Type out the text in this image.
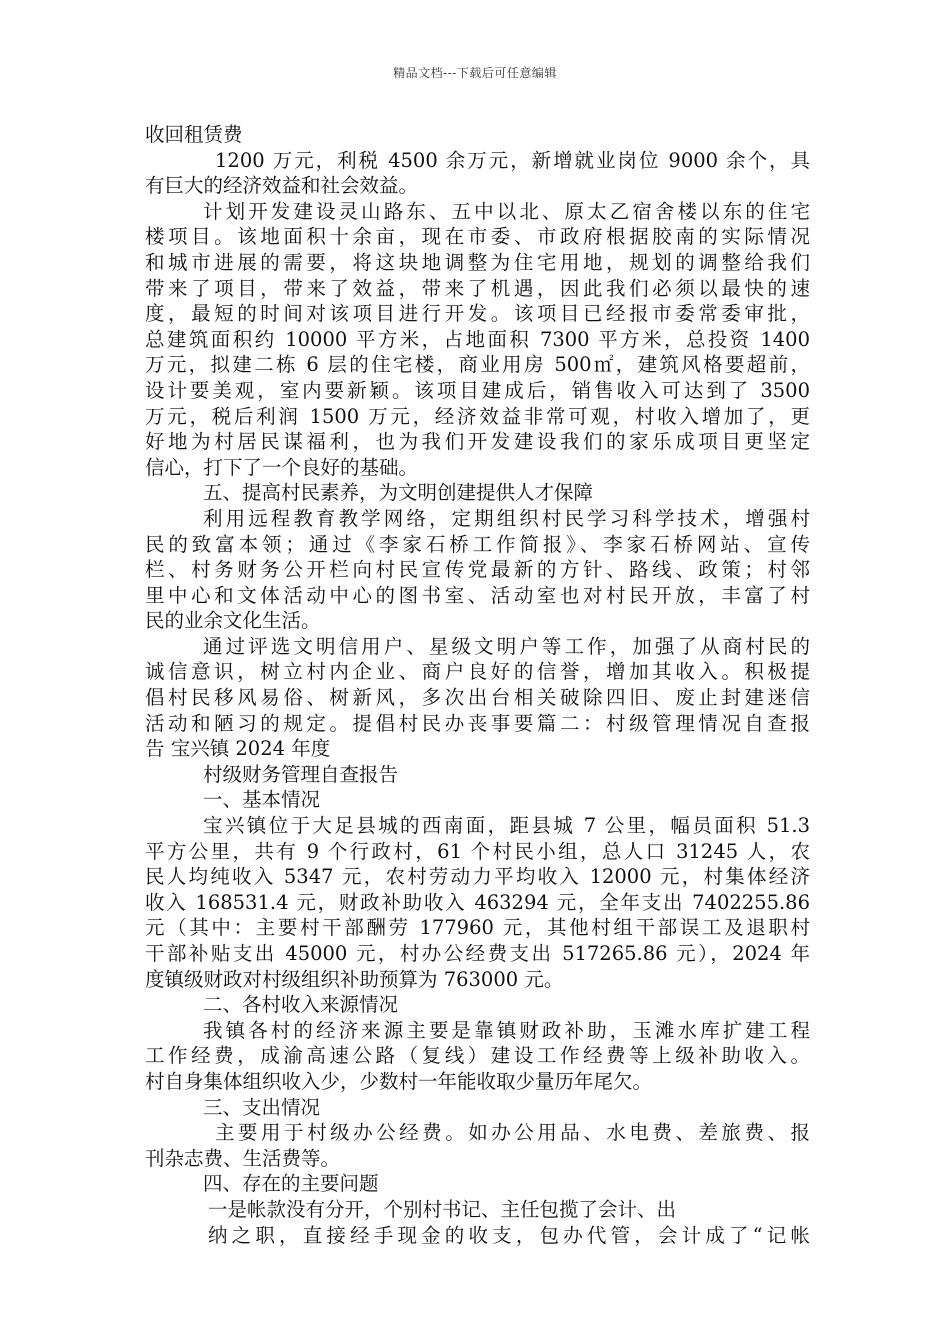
精品文档---下载后可任意编辑
收回租赁费
1200 万元，利税 4500 余万元，新增就业岗位 9000 余个，具
有巨大的经济效益和社会效益。
计划开发建设灵山路东、五中以北、原太乙宿舍楼以东的住宅
楼项目。该地面积十余亩，现在市委、市政府根据胶南的实际情况
和城市进展的需要，将这块地调整为住宅用地，规划的调整给我们
带来了项目，带来了效益，带来了机遇，因此我们必须以最快的速
度，最短的时间对该项目进行开发。该项目已经报市委常委审批，
总建筑面积约 10000 平方米，占地面积 7300 平方米，总投资 1400
万元，拟建二栋 6 层的住宅楼，商业用房 500㎡，建筑风格要超前，
设计要美观，室内要新颖。该项目建成后，销售收入可达到了 3500
万元，税后利润 1500 万元，经济效益非常可观，村收入增加了，更
好地为村居民谋福利，也为我们开发建设我们的家乐成项目更坚定
信心，打下了一个良好的基础。
五、提高村民素养，为文明创建提供人才保障
利用远程教育教学网络，定期组织村民学习科学技术，增强村
民的致富本领；通过《李家石桥工作简报》、李家石桥网站、宣传
栏、村务财务公开栏向村民宣传党最新的方针、路线、政策；村邻
里中心和文体活动中心的图书室、活动室也对村民开放，丰富了村
民的业余文化生活。
通过评选文明信用户、星级文明户等工作，加强了从商村民的
诚信意识，树立村内企业、商户良好的信誉，增加其收入。积极提
倡村民移风易俗、树新风，多次出台相关破除四旧、废止封建迷信
活动和陋习的规定。提倡村民办丧事要篇二：村级管理情况自查报
告 宝兴镇 2024 年度
村级财务管理自查报告
一、基本情况
宝兴镇位于大足县城的西南面，距县城 7 公里，幅员面积 51.3
平方公里，共有 9 个行政村，61 个村民小组，总人口 31245 人，农
民人均纯收入 5347 元，农村劳动力平均收入 12000 元，村集体经济
收入 168531.4 元，财政补助收入 463294 元，全年支出 7402255.86
元（其中：主要村干部酬劳 177960 元，其他村组干部误工及退职村
干部补贴支出 45000 元，村办公经费支出 517265.86 元），2024 年
度镇级财政对村级组织补助预算为 763000 元。
二、各村收入来源情况
我镇各村的经济来源主要是靠镇财政补助，玉滩水库扩建工程
工作经费，成渝高速公路（复线）建设工作经费等上级补助收入。
村自身集体组织收入少，少数村一年能收取少量历年尾欠。
三、支出情况
主要用于村级办公经费。如办公用品、水电费、差旅费、报
刊杂志费、生活费等。
四、存在的主要问题
一是帐款没有分开，个别村书记、主任包揽了会计、出
纳之职，直接经手现金的收支，包办代管，会计成了“记帐
